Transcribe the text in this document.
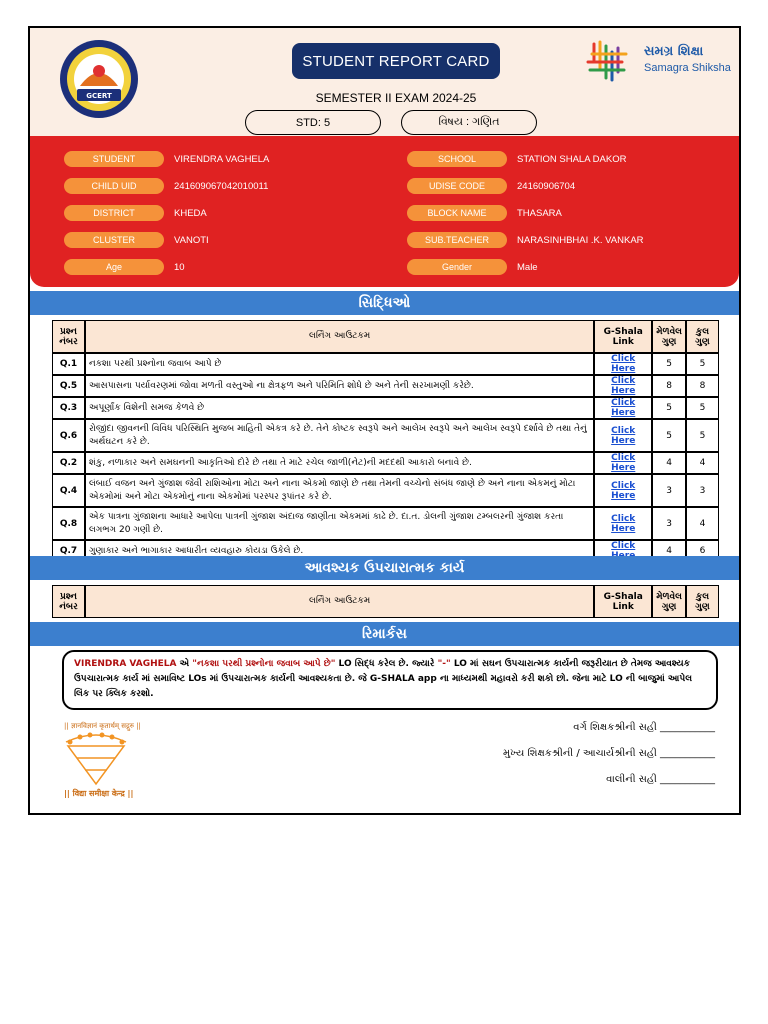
GCERT
STUDENT REPORT CARD
SEMESTER II EXAM 2024-25
STD: 5	વિષય : ગણિત
સમગ્ર શિક્ષા
Samagra Shiksha
STUDENT	VIRENDRA VAGHELA
CHILD UID	241609067042010011
DISTRICT	KHEDA
CLUSTER	VANOTI
Age	10
SCHOOL	STATION SHALA DAKOR
UDISE CODE	24160906704
BLOCK NAME	THASARA
SUB.TEACHER	NARASINHBHAI .K. VANKAR
Gender	Male
સિદ્ધિઓ
પ્રશ્ન નંબર	લર્નિંગ આઉટકમ	G-Shala Link	મેળવેલ ગુણ	કુલ ગુણ
Q.1	નકશા પરથી પ્રશ્નોના જવાબ આપે છે	Click Here	5	5
Q.5	આસપાસના પર્યાવરણમાં જોવા મળતી વસ્તુઓ ના ક્ષેત્રફળ અને પરિમિતિ શોધે છે અને તેની સરખામણી કરેછે.	Click Here	8	8
Q.3	અપૂર્ણાંક વિશેની સમજ કેળવે છે	Click Here	5	5
Q.6	રોજીંદા જીવનની વિવિધ પરિસ્થિતિ મુજબ માહિતી એકત્ર કરે છે. તેને કોષ્ટક સ્વરૂપે અને આલેખ સ્વરૂપે અને આલેખ સ્વરૂપે દર્શાવે છે તથા તેનું અર્થઘટન કરે છે.	Click Here	5	5
Q.2	શંકુ, નળાકાર અને સમઘનની આકૃતિઓ દોરે છે તથા તે માટે રચેલ જાળી(નેટ)ની મદદથી આકારો બનાવે છે.	Click Here	4	4
Q.4	લંબાઈ વજન અને ગુંજાશ જેવી રાશિઓના મોટા અને નાના એકમો જાણે છે તથા તેમની વચ્ચેનો સંબંધ જાણે છે અને નાના એકમનું મોટા એકમોમાં અને મોટા એકમોનું નાના એકમોમાં પરસ્પર રૂપાંતર કરે છે.	Click Here	3	3
Q.8	એક પાત્રના ગુંજાશના આધારે આપેલા પાત્રની ગુંજાશ અંદાજ જાણીતા એકમમાં કાઢે છે. દા.ત. ડોલની ગુંજાશ ટમ્બલરની ગુંજાશ કરતા લગભગ 20 ગણી છે.	Click Here	3	4
Q.7	ગુણાકાર અને ભાગાકાર આધારીત વ્યવહારુ કોયડા ઉકેલે છે.	Click	4	6
આવશ્યક ઉપચારાત્મક કાર્ય
પ્રશ્ન નંબર	લર્નિંગ આઉટકમ	G-Shala Link	મેળવેલ ગુણ	કુલ ગુણ
રિમાર્કસ
VIRENDRA VAGHELA એ "નકશા પરથી પ્રશ્નોના જવાબ આપે છે" LO સિદ્ધ કરેલ છે. જ્યારે "-" LO માં સઘન ઉપચારાત્મક કાર્યની જરૂરીયાત છે તેમજ આવશ્યક ઉપચારાત્મક કાર્ય માં સમાવિષ્ટ LOs માં ઉપચારાત્મક કાર્યની આવશ્યકતા છે. જે G-SHALA app ના માધ્યમથી મહાવરો કરી શકો છો. જેના માટે LO ની બાજુમાં આપેલ લિંક પર ક્લિક કરશો.
|| ज्ञानविज्ञानं कृतार्थम् सद्गुरु ||
|| विद्या समीक्षा केन्द्र ||
વર્ગ શિક્ષકશ્રીની સહી ___________
મુખ્ય શિક્ષકશ્રીની / આચાર્યશ્રીની સહી ___________
વાલીની સહી ___________
